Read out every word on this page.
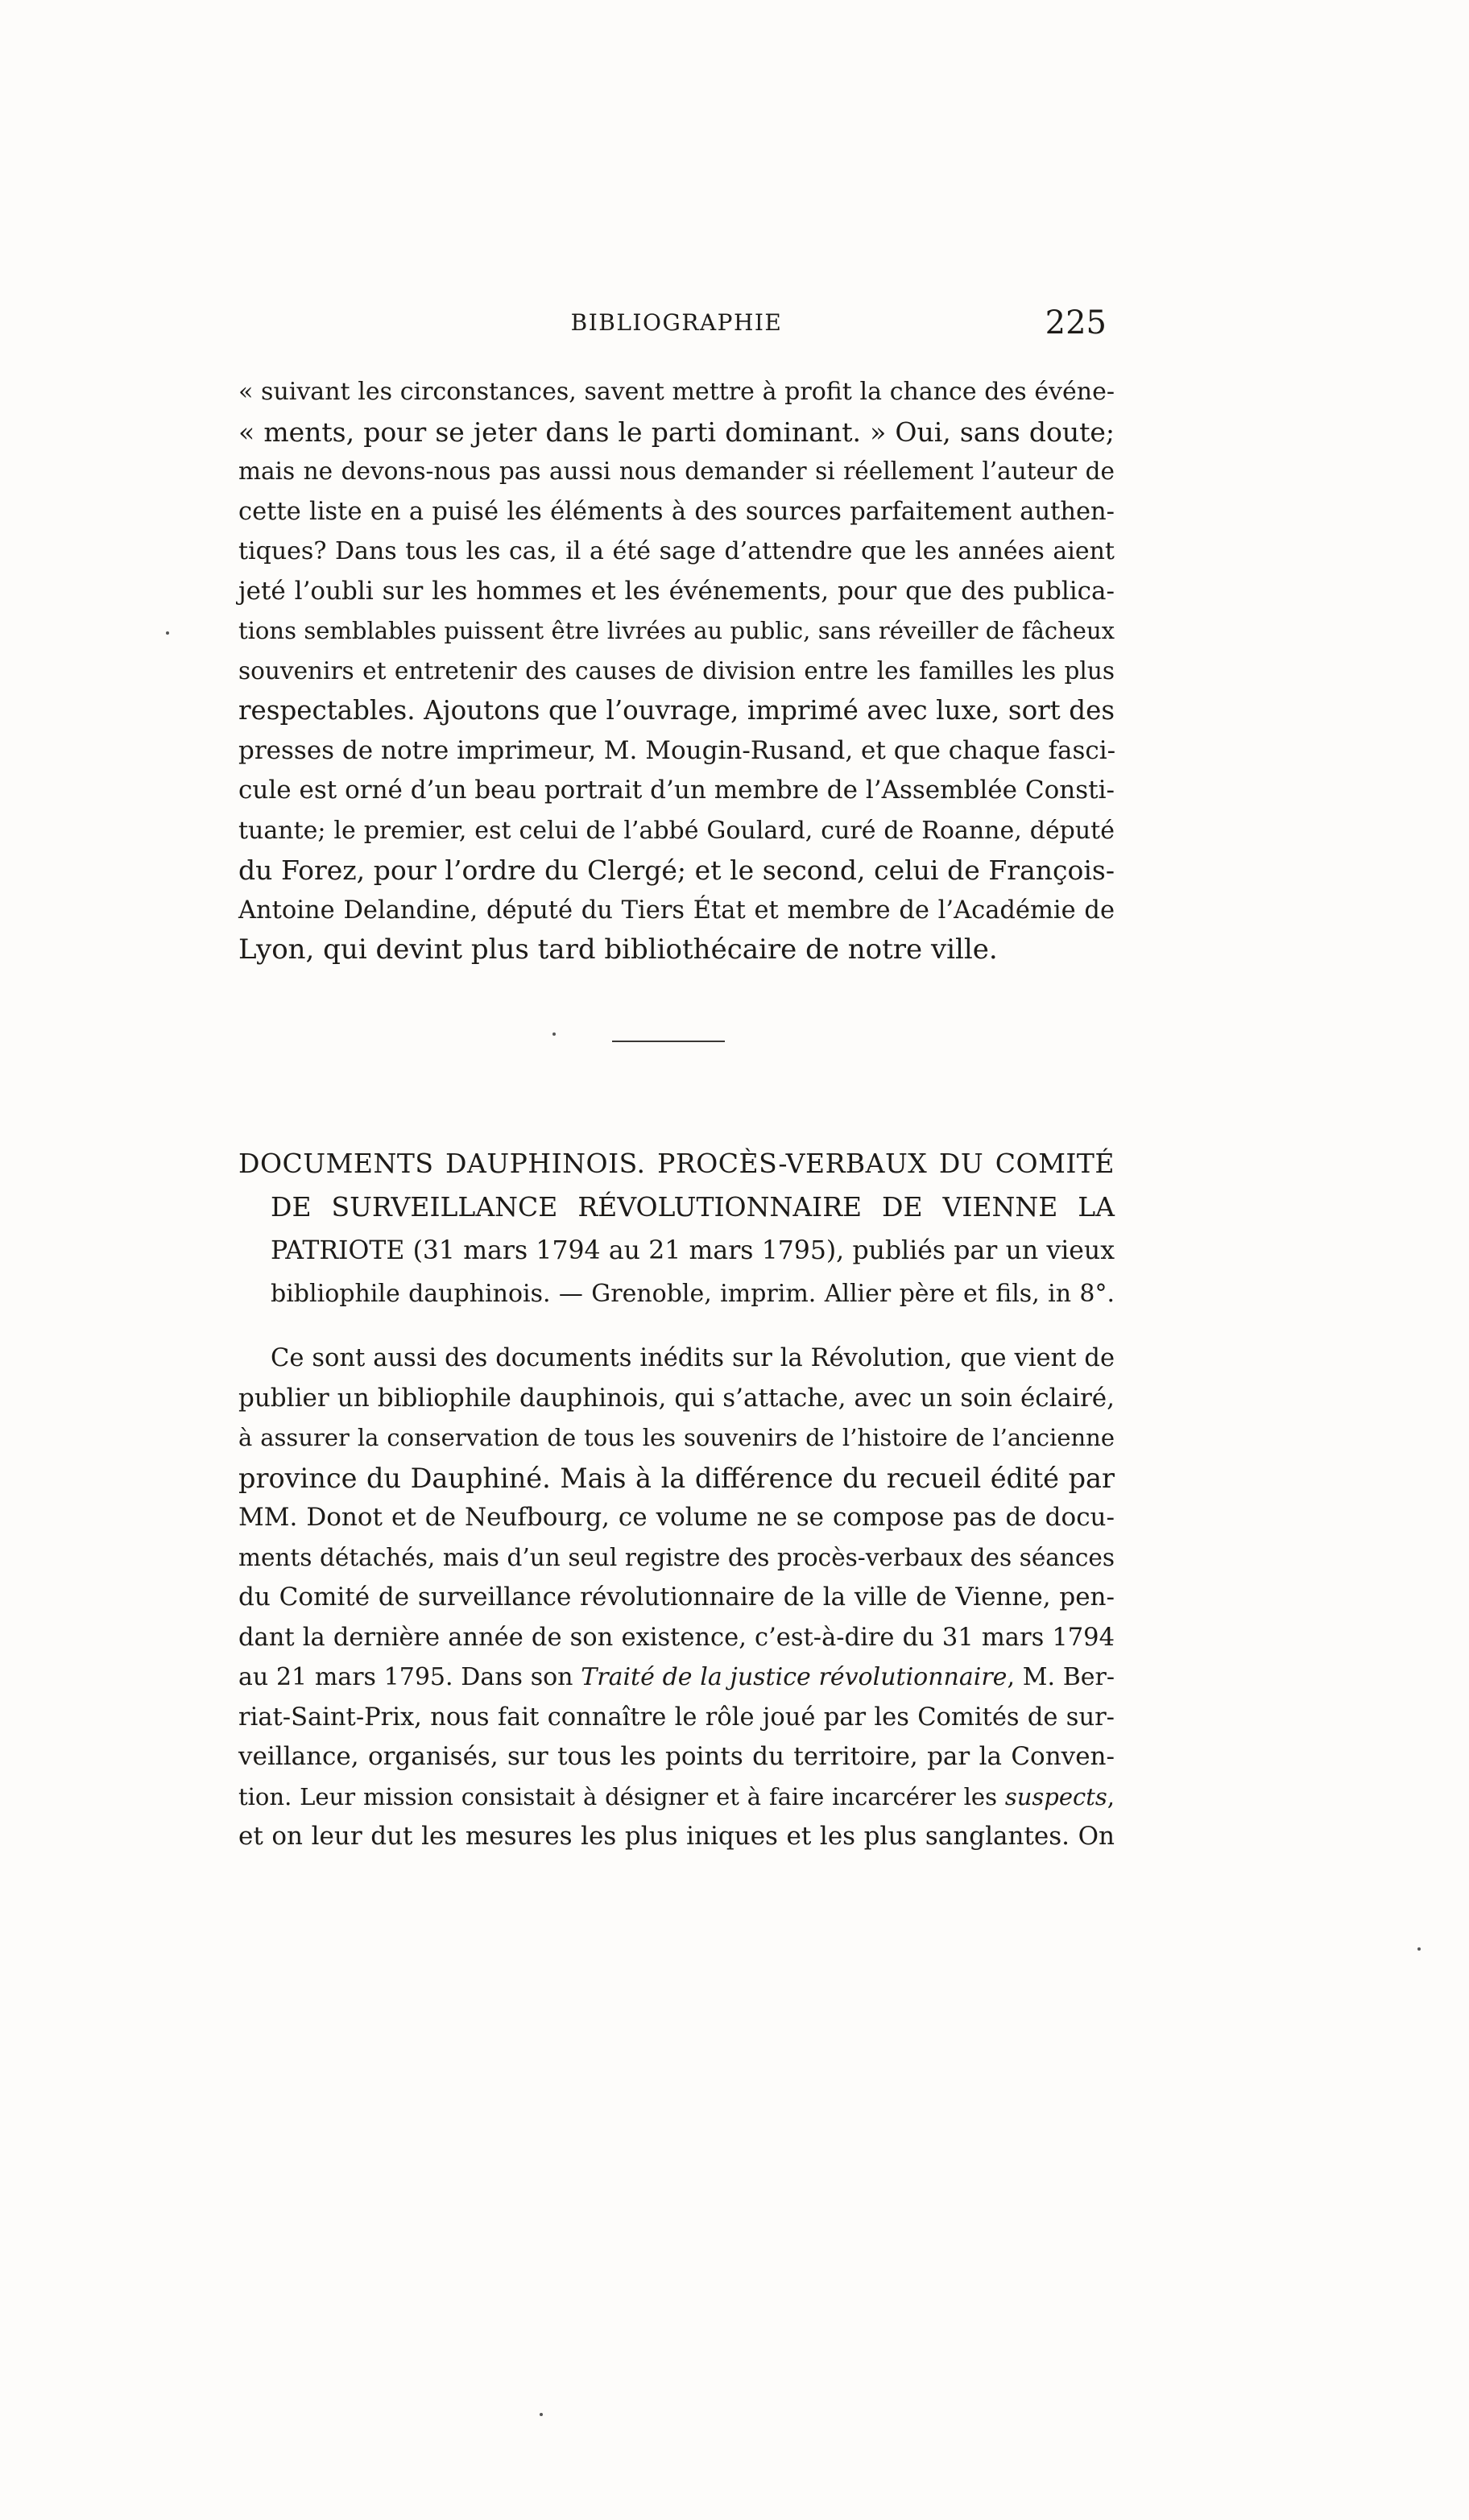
BIBLIOGRAPHIE	225
« suivant les circonstances, savent mettre à profit la chance des événe-
« ments, pour se jeter dans le parti dominant. » Oui, sans doute;
mais ne devons-nous pas aussi nous demander si réellement l’auteur de
cette liste en a puisé les éléments à des sources parfaitement authen-
tiques? Dans tous les cas, il a été sage d’attendre que les années aient
jeté l’oubli sur les hommes et les événements, pour que des publica-
tions semblables puissent être livrées au public, sans réveiller de fâcheux
souvenirs et entretenir des causes de division entre les familles les plus
respectables. Ajoutons que l’ouvrage, imprimé avec luxe, sort des
presses de notre imprimeur, M. Mougin-Rusand, et que chaque fasci-
cule est orné d’un beau portrait d’un membre de l’Assemblée Consti-
tuante; le premier, est celui de l’abbé Goulard, curé de Roanne, député
du Forez, pour l’ordre du Clergé; et le second, celui de François-
Antoine Delandine, député du Tiers État et membre de l’Académie de
Lyon, qui devint plus tard bibliothécaire de notre ville.
DOCUMENTS DAUPHINOIS. PROCÈS-VERBAUX DU COMITÉ
DE SURVEILLANCE RÉVOLUTIONNAIRE DE VIENNE LA
PATRIOTE (31 mars 1794 au 21 mars 1795), publiés par un vieux
bibliophile dauphinois. — Grenoble, imprim. Allier père et fils, in 8°.
Ce sont aussi des documents inédits sur la Révolution, que vient de
publier un bibliophile dauphinois, qui s’attache, avec un soin éclairé,
à assurer la conservation de tous les souvenirs de l’histoire de l’ancienne
province du Dauphiné. Mais à la différence du recueil édité par
MM. Donot et de Neufbourg, ce volume ne se compose pas de docu-
ments détachés, mais d’un seul registre des procès-verbaux des séances
du Comité de surveillance révolutionnaire de la ville de Vienne, pen-
dant la dernière année de son existence, c’est-à-dire du 31 mars 1794
au 21 mars 1795. Dans son Traité de la justice révolutionnaire, M. Ber-
riat-Saint-Prix, nous fait connaître le rôle joué par les Comités de sur-
veillance, organisés, sur tous les points du territoire, par la Conven-
tion. Leur mission consistait à désigner et à faire incarcérer les suspects,
et on leur dut les mesures les plus iniques et les plus sanglantes. On
